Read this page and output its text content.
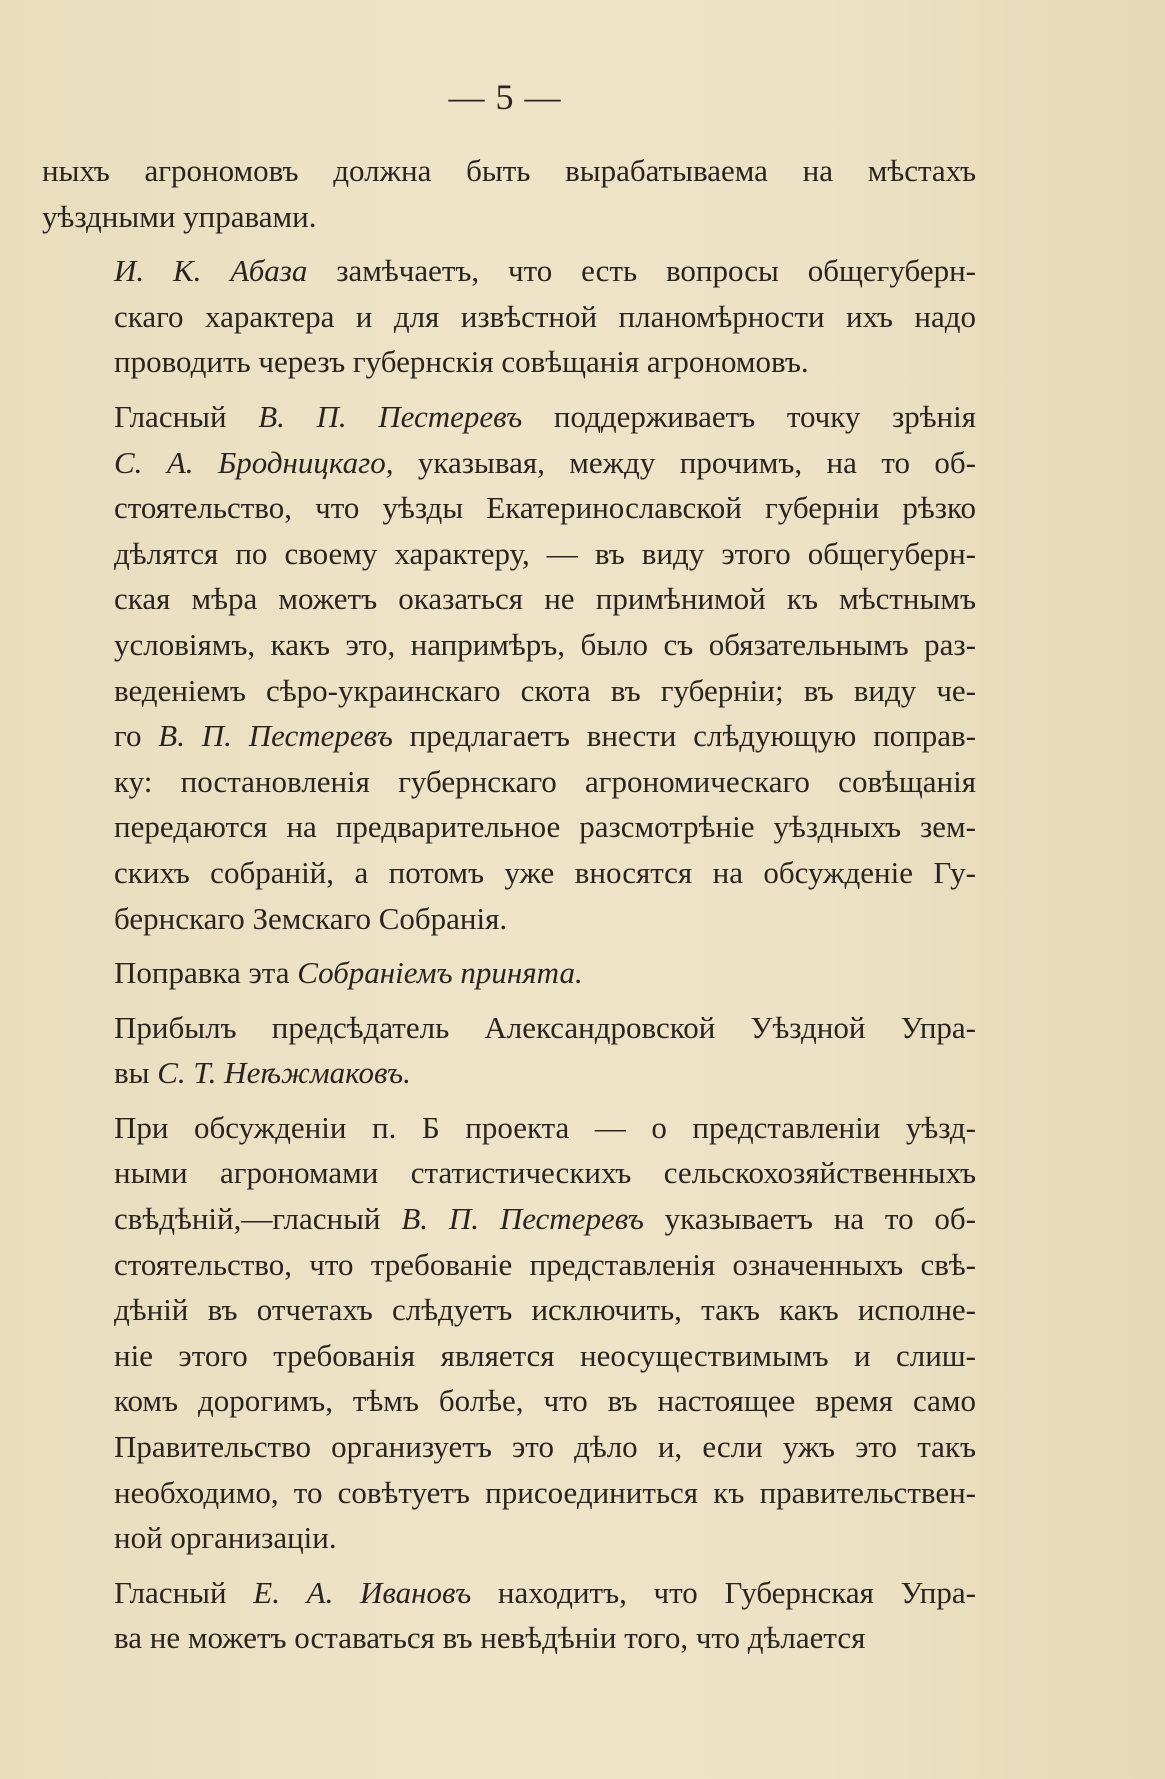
— 5 —

ныхъ агрономовъ должна быть вырабатываема на мѣстахъ
уѣздными управами.

И. К. Абаза замѣчаетъ, что есть вопросы общегуберн-
скаго характера и для извѣстной планомѣрности ихъ надо
проводить черезъ губернскія совѣщанія агрономовъ.

Гласный В. П. Пестеревъ поддерживаетъ точку зрѣнія
С. А. Бродницкаго, указывая, между прочимъ, на то об-
стоятельство, что уѣзды Екатеринославской губерніи рѣзко
дѣлятся по своему характеру, — въ виду этого общегуберн-
ская мѣра можетъ оказаться не примѣнимой къ мѣстнымъ
условіямъ, какъ это, напримѣръ, было съ обязательнымъ раз-
веденіемъ сѣро-украинскаго скота въ губерніи; въ виду че-
го В. П. Пестеревъ предлагаетъ внести слѣдующую поправ-
ку: постановленія губернскаго агрономическаго совѣщанія
передаются на предварительное разсмотрѣніе уѣздныхъ зем-
скихъ собраній, а потомъ уже вносятся на обсужденіе Гу-
бернскаго Земскаго Собранія.

Поправка эта Собраніемъ принята.

Прибылъ предсѣдатель Александровской Уѣздной Упра-
вы С. Т. Неѣжмаковъ.

При обсужденіи п. Б проекта — о представленіи уѣзд-
ными агрономами статистическихъ сельскохозяйственныхъ
свѣдѣній,—гласный В. П. Пестеревъ указываетъ на то об-
стоятельство, что требованіе представленія означенныхъ свѣ-
дѣній въ отчетахъ слѣдуетъ исключить, такъ какъ исполне-
ніе этого требованія является неосуществимымъ и слиш-
комъ дорогимъ, тѣмъ болѣе, что въ настоящее время само
Правительство организуетъ это дѣло и, если ужъ это такъ
необходимо, то совѣтуетъ присоединиться къ правительствен-
ной организаціи.

Гласный Е. А. Ивановъ находитъ, что Губернская Упра-
ва не можетъ оставаться въ невѣдѣніи того, что дѣлается
